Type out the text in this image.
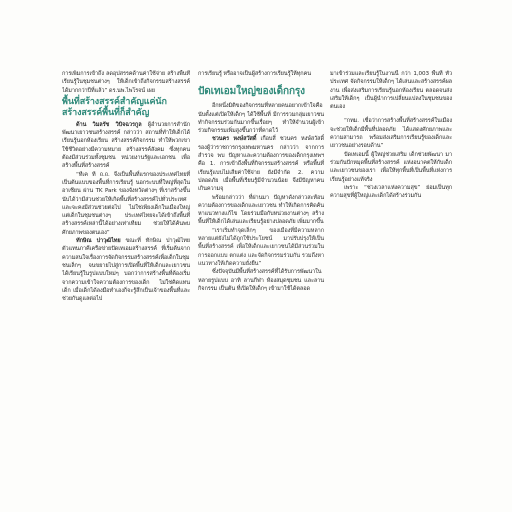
การเพิ่มการเข้าถึง ลดอุปสรรคด้านค่าใช้จ่าย สร้างพื้นที่เรียนรู้ในชุมชนต่างๆ ให้เด็กเข้าถึงกิจกรรมสร้างสรรค์ได้มากกว่าปีที่แล้ว” ดร.นพ.ไพโรจน์ เผย

พื้นที่สร้างสรรค์สำคัญแค่นักสร้างสรรค์พื้นที่ก็สำคัญ

ด้าน วิมลรัช วิบิจฉวรกูล ผู้อำนวยการสำนักพัฒนาเยาวชนสร้างสรรค์ กล่าวว่า สถานที่ทำให้เด็กได้เรียนรู้นอกห้องเรียน สร้างสรรค์กิจกรรม ทำให้พวกเขาใช้ชีวิตอย่างมีความหมาย สร้างสรรค์สังคม ซึ่งทุกคนต้องมีส่วนร่วมทั้งชุมชน หน่วยงานรัฐและเอกชน เพื่อสร้างพื้นที่สร้างสรรค์

“ทีเค ที ถ.ถ. จึงเป็นพื้นที่แรกของประเทศไทยที่เป็นต้นแบบของพื้นที่การเรียนรู้ นอกระบบที่ใหญ่ที่สุดในอาเซียน ผ่าน TK Park ของจังหวัดต่างๆ ที่เราสร้างขึ้นนับได้ว่ามีส่วนช่วยให้เกิดพื้นที่สร้างสรรค์ไปทั่วประเทศ และจะคงมีส่วนช่วยต่อไป ไม่ใช่เพียงเด็กในเมืองใหญ่ แต่เด็กในชุมชนต่างๆ ประเทศไทยจะได้เข้าถึงพื้นที่สร้างสรรค์เหล่านี้ได้อย่างเท่าเทียม ช่วยให้ได้ค้นพบศักยภาพของตนเอง”

ทักษิณ ปาวุฒิไทย ขณะที่ ทักษิณ ปาวุฒิไทย ตัวแทนภาคีเครือข่ายปัดเทเอมสร้างสรรค์ ที่เริ่มต้นจากความสนใจเรื่องการจัดกิจกรรมสร้างสรรค์เพื่อเด็กในชุมชนเล็กๆ จนขยายไปสู่การเปิดพื้นที่ให้เด็กและเยาวชนได้เรียนรู้ในรูปแบบใหม่ๆ บอกว่าการสร้างพื้นที่ต้องเริ่มจากความเข้าใจความต้องการของเด็ก ไม่ใช่คิดแทนเด็ก เมื่อเด็กได้ลงมือทำเองก็จะรู้สึกเป็นเจ้าของพื้นที่และช่วยกันดูแลต่อไป

การเรียนรู้ หรืออาจเป็นผู้สร้างการเรียนรู้ให้ทุกคน

ปัดเทเอมใหญ่ของเด็กกรุง

อีกหนึ่งมิติของกิจกรรมที่หลายคนอยากเข้าใจคือ นับตั้งแต่เปิดให้เด็กๆ ได้ใช้พื้นที่ มีการรวมกลุ่มเยาวชนทำกิจกรรมร่วมกันมากขึ้นเรื่อยๆ ทำให้จำนวนผู้เข้าร่วมกิจกรรมเพิ่มสูงขึ้นกว่าที่คาดไว้

ชวนคร หงษ์สวัสดิ์ เกือบสี่ ชวนคร หงษ์สวัสดิ์ รองผู้ว่าราชการกรุงเทพมหานคร กล่าวว่า จากการสำรวจ พบ ปัญหาและความต้องการของเด็กกรุงเทพฯ คือ 1. การเข้าถึงพื้นที่กิจกรรมสร้างสรรค์ หรือพื้นที่เรียนรู้แบบไม่เสียค่าใช้จ่าย ยังมีจำกัด 2. ความปลอดภัย เมื่อพื้นที่เรียนรู้มีจำนวนน้อย จึงมีปัญหาคนเกินความจุ

พร้อมกล่าวว่า ที่ผ่านมา ปัญหาดังกล่าวสะท้อนความต้องการของเด็กและเยาวชน ทำให้เกิดการคิดค้นหาแนวทางแก้ไข โดยร่วมมือกับหน่วยงานต่างๆ สร้างพื้นที่ให้เด็กได้เล่นและเรียนรู้อย่างปลอดภัย เพิ่มมากขึ้น

“เราเริ่มทำจุดเล็กๆ ของเมืองที่มีความหลากหลายแต่ยังไม่ได้ถูกใช้ประโยชน์ มาปรับปรุงให้เป็นพื้นที่สร้างสรรค์ เพื่อให้เด็กและเยาวชนได้มีส่วนร่วมในการออกแบบ ตกแต่ง และจัดกิจกรรมร่วมกัน รวมถึงหาแนวทางให้เกิดความยั่งยืน”

ซึ่งปัจจุบันมีพื้นที่สร้างสรรค์ที่ได้รับการพัฒนาในหลายรูปแบบ อาทิ ลานกีฬา ห้องสมุดชุมชน และลานกิจกรรม เป็นต้น ที่เปิดให้เด็กๆ เข้ามาใช้ได้ตลอด

มาเข้าร่วมและเรียนรู้ในงานนี้ กว่า 1,003 พื้นที่ ทั่วประเทศ จัดกิจกรรมให้เด็กๆ ได้เล่นและสร้างสรรค์ผลงาน เพื่อส่งเสริมการเรียนรู้นอกห้องเรียน ตลอดจนส่งเสริมให้เด็กๆ เป็นผู้นำการเปลี่ยนแปลงในชุมชนของตนเอง

“กทม. เชื่อว่าการสร้างพื้นที่สร้างสรรค์ในเมืองจะช่วยให้เด็กมีพื้นที่ปลอดภัย ได้แสดงศักยภาพและความสามารถ พร้อมส่งเสริมการเรียนรู้ของเด็กและเยาวชนอย่างรอบด้าน”

ปัดเทเอมนี้ ผู้ใหญ่ช่วยเสริม เด็กช่วยพัฒนา มาร่วมกันปักหมุดพื้นที่สร้างสรรค์ แห่งอนาคตให้กับเด็กและเยาวชนของเรา เพื่อให้ทุกพื้นที่เป็นพื้นที่แห่งการเรียนรู้อย่างแท้จริง

เพราะ “ช่วงเวลาแห่งความสุข” ย่อมเป็นทุกความสุขที่ผู้ใหญ่และเด็กได้สร้างร่วมกัน
